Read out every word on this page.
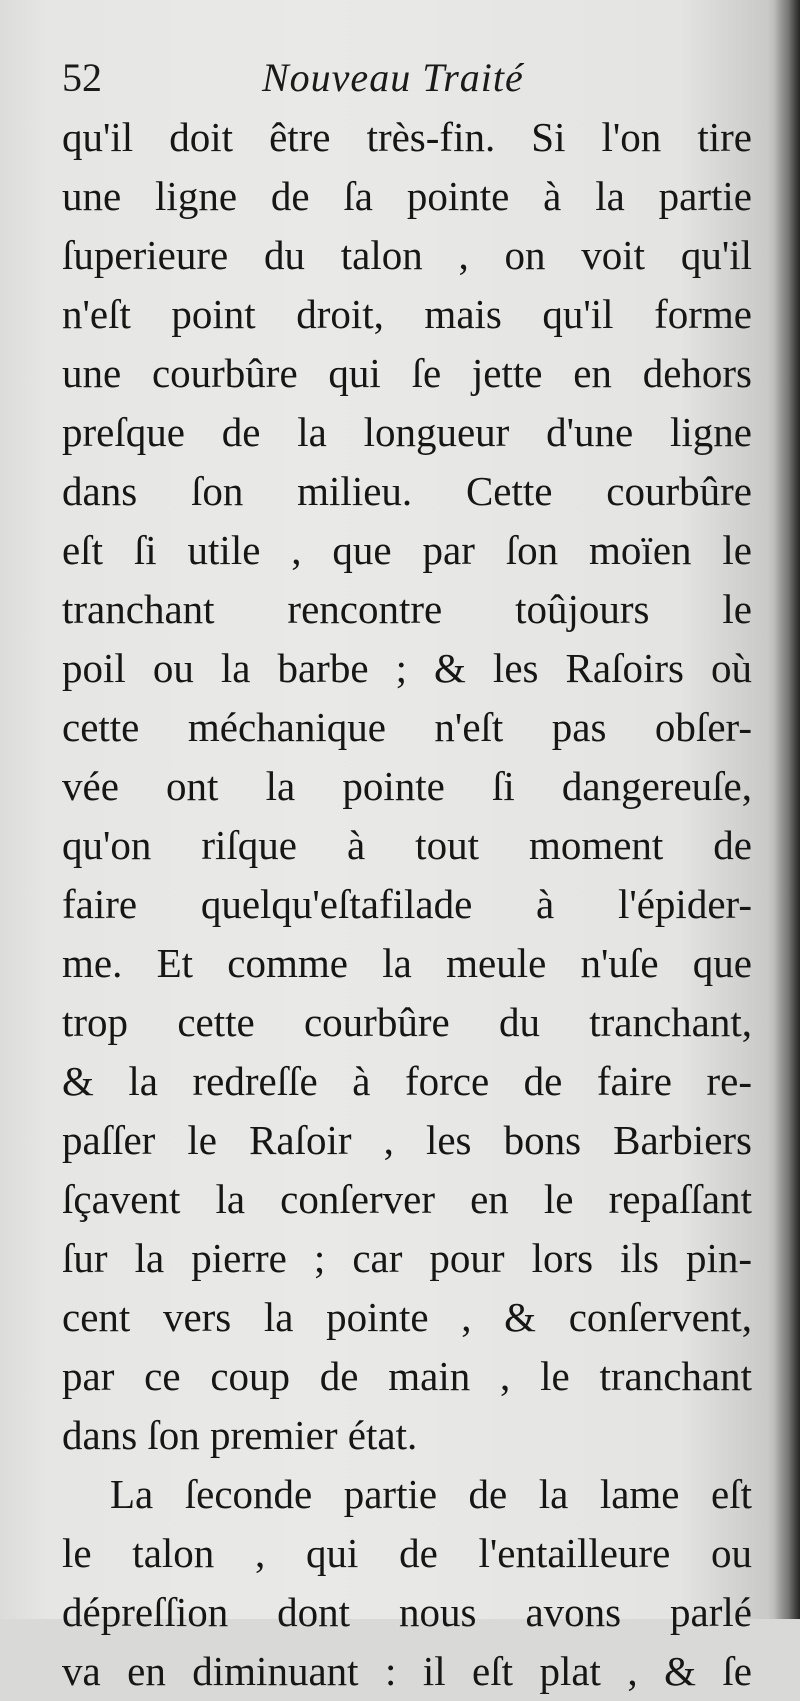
52	Nouveau Traité
qu'il doit être très-fin. Si l'on tire
une ligne de ſa pointe à la partie
ſuperieure du talon , on voit qu'il
n'eſt point droit, mais qu'il forme
une courbûre qui ſe jette en dehors
preſque de la longueur d'une ligne
dans ſon milieu. Cette courbûre
eſt ſi utile , que par ſon moïen le
tranchant rencontre toûjours le
poil ou la barbe ; & les Raſoirs où
cette méchanique n'eſt pas obſer-
vée ont la pointe ſi dangereuſe,
qu'on riſque à tout moment de
faire quelqu'eſtafilade à l'épider-
me. Et comme la meule n'uſe que
trop cette courbûre du tranchant,
& la redreſſe à force de faire re-
paſſer le Raſoir , les bons Barbiers
ſçavent la conſerver en le repaſſant
ſur la pierre ; car pour lors ils pin-
cent vers la pointe , & conſervent,
par ce coup de main , le tranchant
dans ſon premier état.
La ſeconde partie de la lame eſt
le talon , qui de l'entailleure ou
dépreſſion dont nous avons parlé
va en diminuant : il eſt plat , & ſe
